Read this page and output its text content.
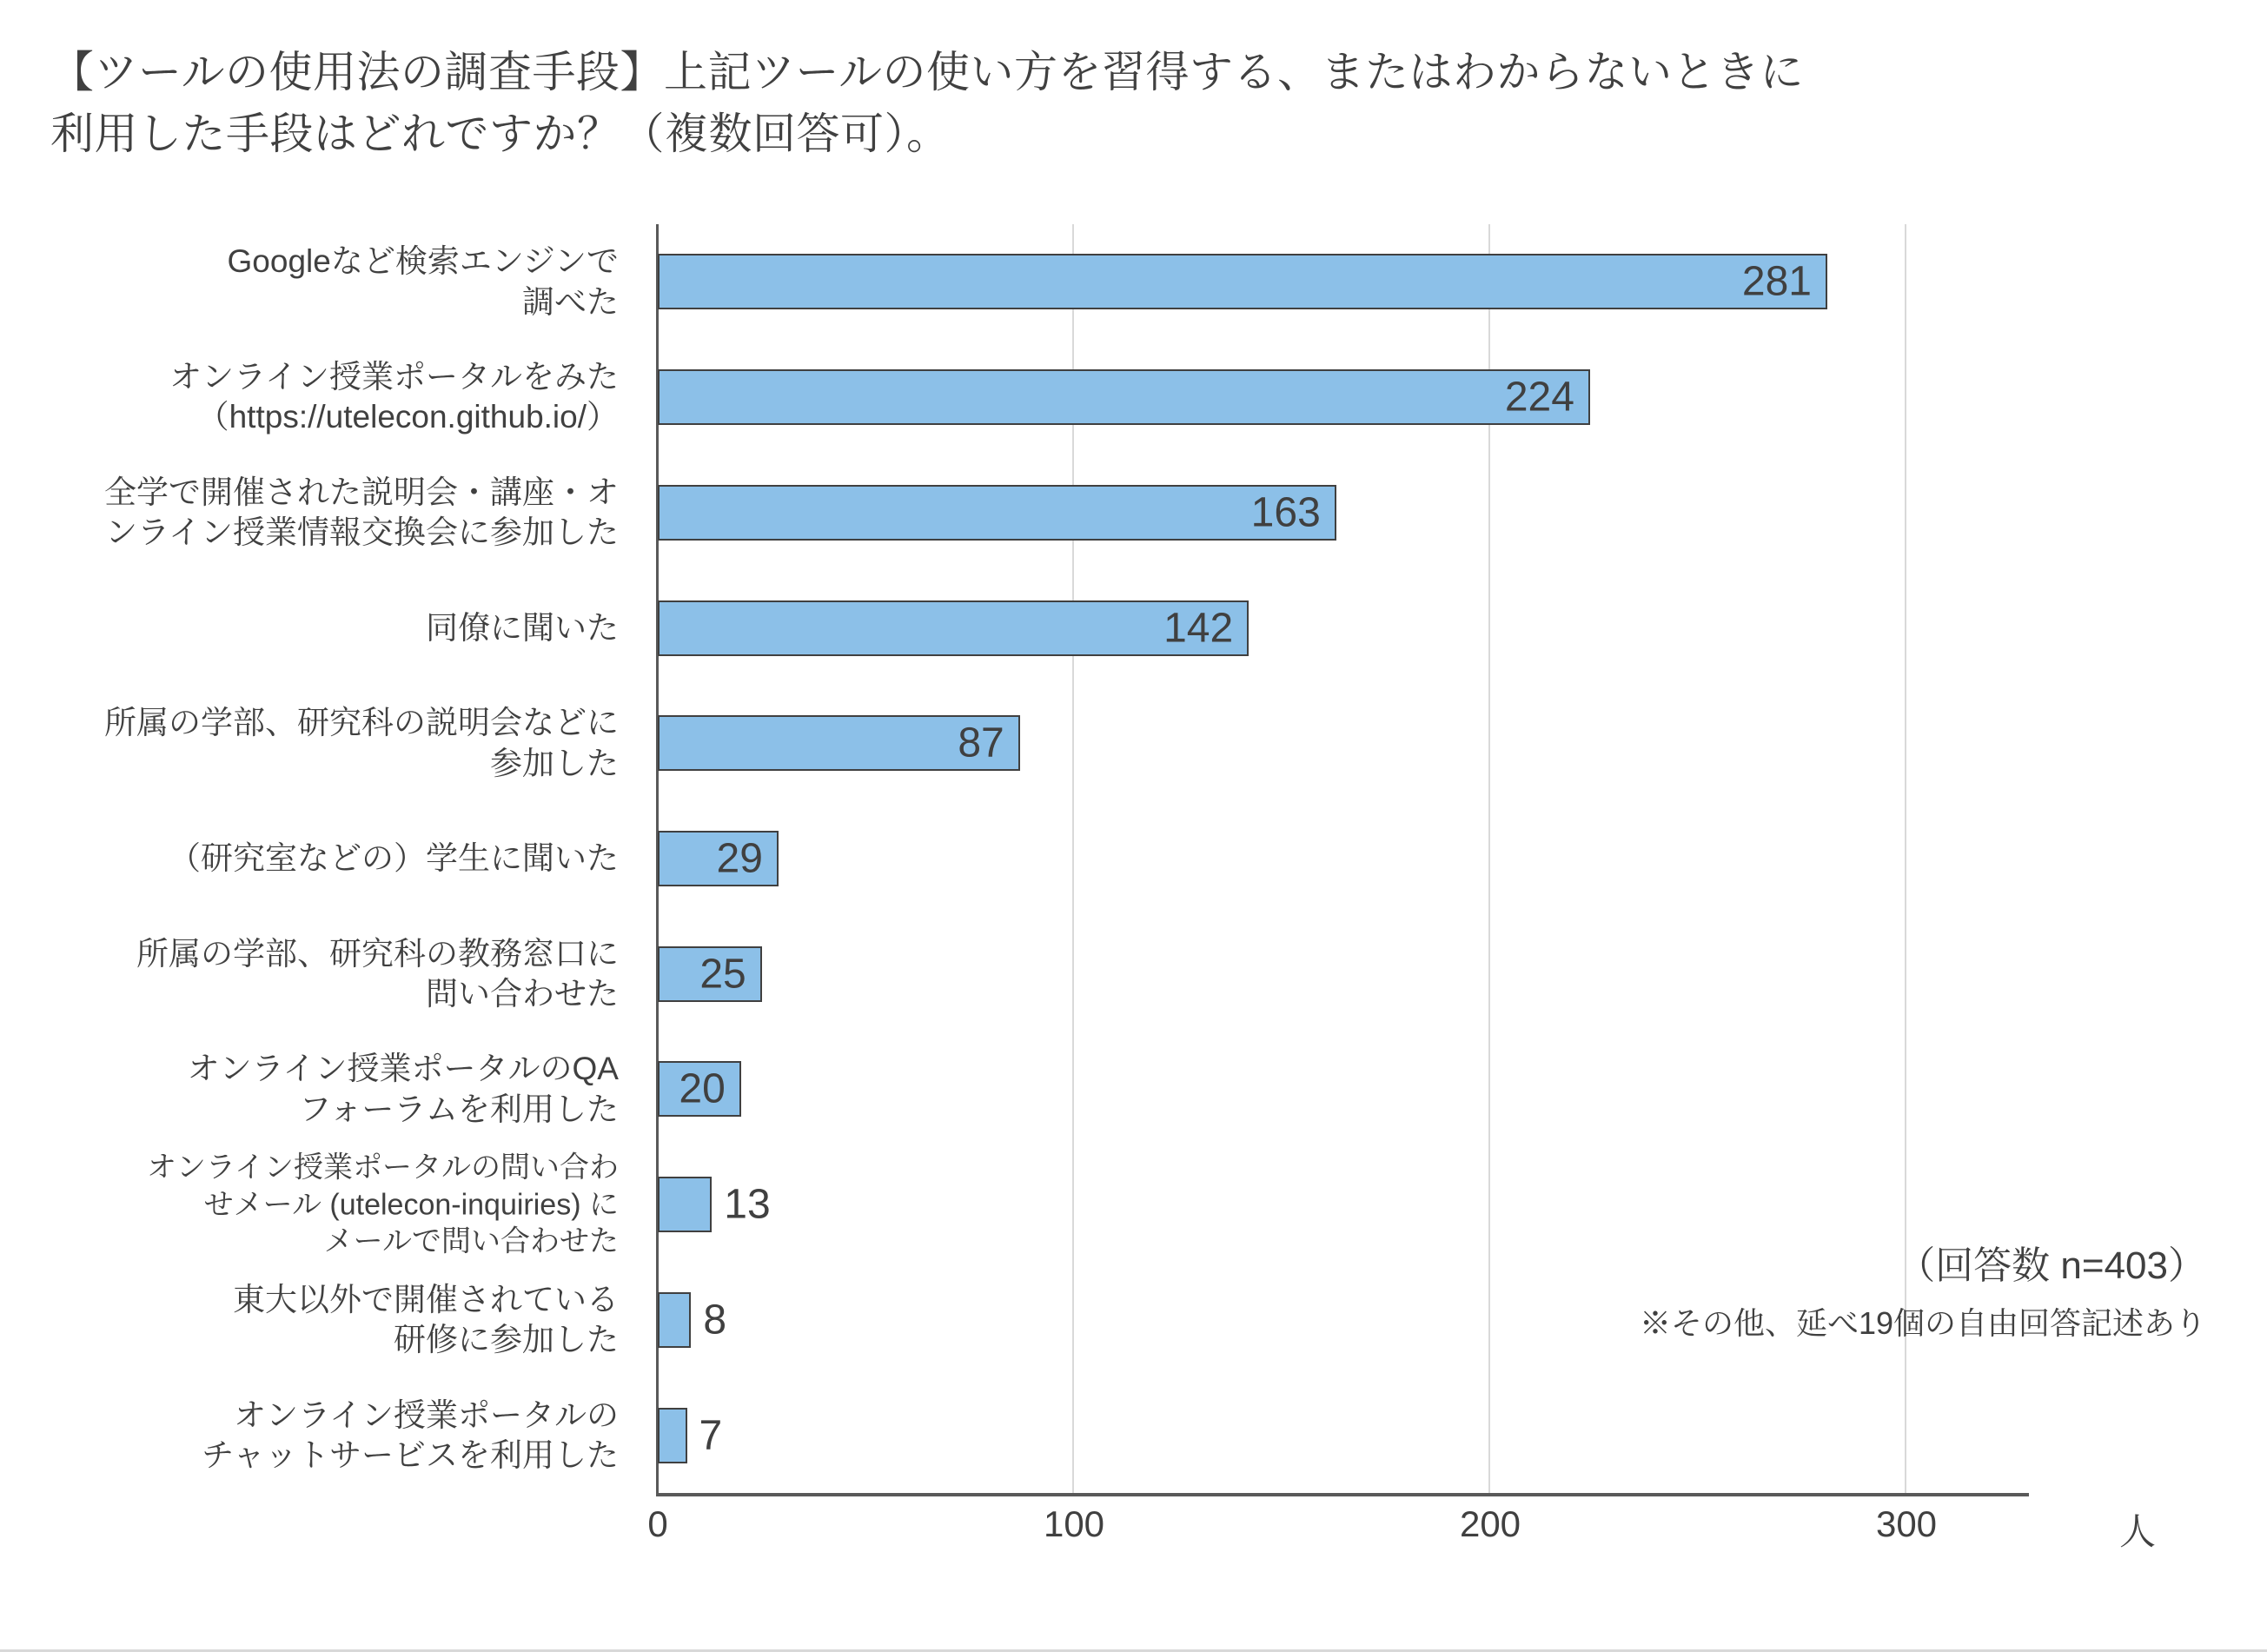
【ツールの使用法の調査手段】上記ツールの使い方を習得する、またはわからないときに
利用した手段はどれですか？（複数回答可）。
Googleなど検索エンジンで
調べた	281
オンライン授業ポータルをみた
（https://utelecon.github.io/）	224
全学で開催された説明会・講座・オ
ンライン授業情報交換会に参加した	163
同僚に聞いた	142
所属の学部、研究科の説明会などに
参加した	87
（研究室などの）学生に聞いた 29
所属の学部、研究科の教務窓口に
問い合わせた 25
オンライン授業ポータルのQA
フォーラムを利用した 20
オンライン授業ポータルの問い合わ
せメール (utelecon-inquiries) に
メールで問い合わせた
13
東大以外で開催されている
研修に参加した 8
オンライン授業ポータルの
チャットサービスを利用した 7
0	100	200	300	人
（回答数 n=403）
※その他、延べ19個の自由回答記述あり
